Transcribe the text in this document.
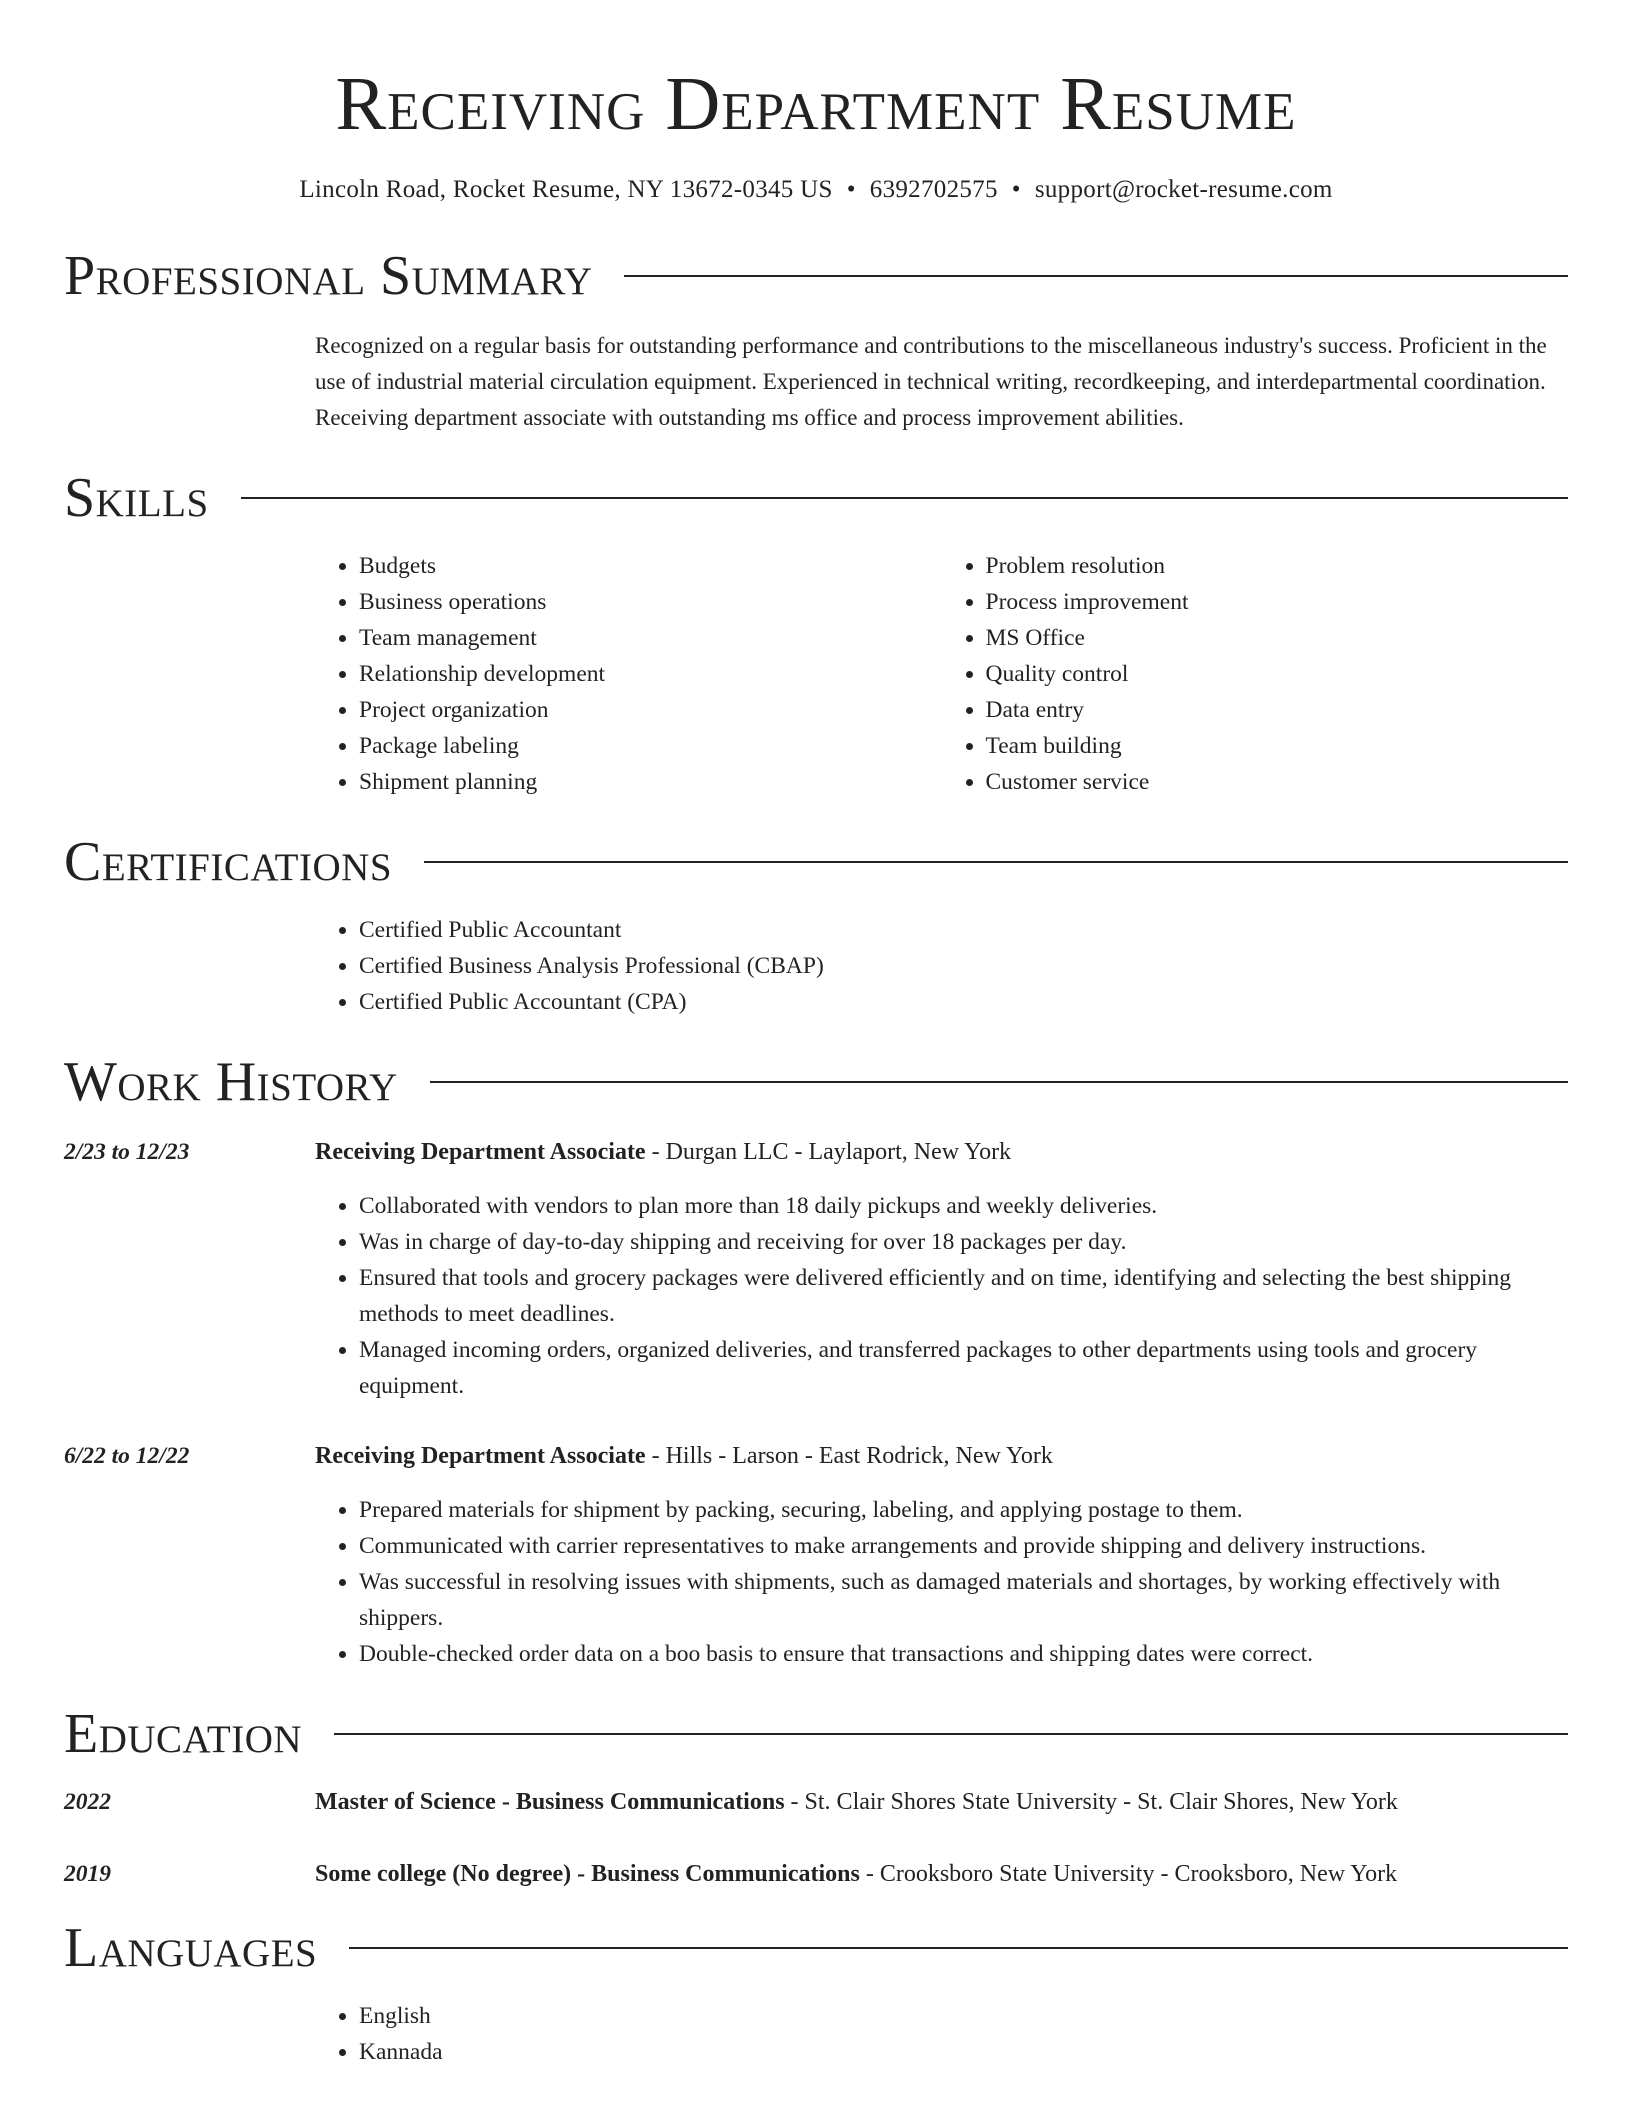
Receiving Department Resume
Lincoln Road, Rocket Resume, NY 13672-0345 US • 6392702575 • support@rocket-resume.com
Professional Summary
Recognized on a regular basis for outstanding performance and contributions to the miscellaneous industry's success. Proficient in the use of industrial material circulation equipment. Experienced in technical writing, recordkeeping, and interdepartmental coordination. Receiving department associate with outstanding ms office and process improvement abilities.
Skills
• Budgets
• Business operations
• Team management
• Relationship development
• Project organization
• Package labeling
• Shipment planning
• Problem resolution
• Process improvement
• MS Office
• Quality control
• Data entry
• Team building
• Customer service
Certifications
• Certified Public Accountant
• Certified Business Analysis Professional (CBAP)
• Certified Public Accountant (CPA)
Work History
2/23 to 12/23	Receiving Department Associate - Durgan LLC - Laylaport, New York
• Collaborated with vendors to plan more than 18 daily pickups and weekly deliveries.
• Was in charge of day-to-day shipping and receiving for over 18 packages per day.
• Ensured that tools and grocery packages were delivered efficiently and on time, identifying and selecting the best shipping methods to meet deadlines.
• Managed incoming orders, organized deliveries, and transferred packages to other departments using tools and grocery equipment.
6/22 to 12/22	Receiving Department Associate - Hills - Larson - East Rodrick, New York
• Prepared materials for shipment by packing, securing, labeling, and applying postage to them.
• Communicated with carrier representatives to make arrangements and provide shipping and delivery instructions.
• Was successful in resolving issues with shipments, such as damaged materials and shortages, by working effectively with shippers.
• Double-checked order data on a boo basis to ensure that transactions and shipping dates were correct.
Education
2022	Master of Science - Business Communications - St. Clair Shores State University - St. Clair Shores, New York
2019	Some college (No degree) - Business Communications - Crooksboro State University - Crooksboro, New York
Languages
• English
• Kannada
